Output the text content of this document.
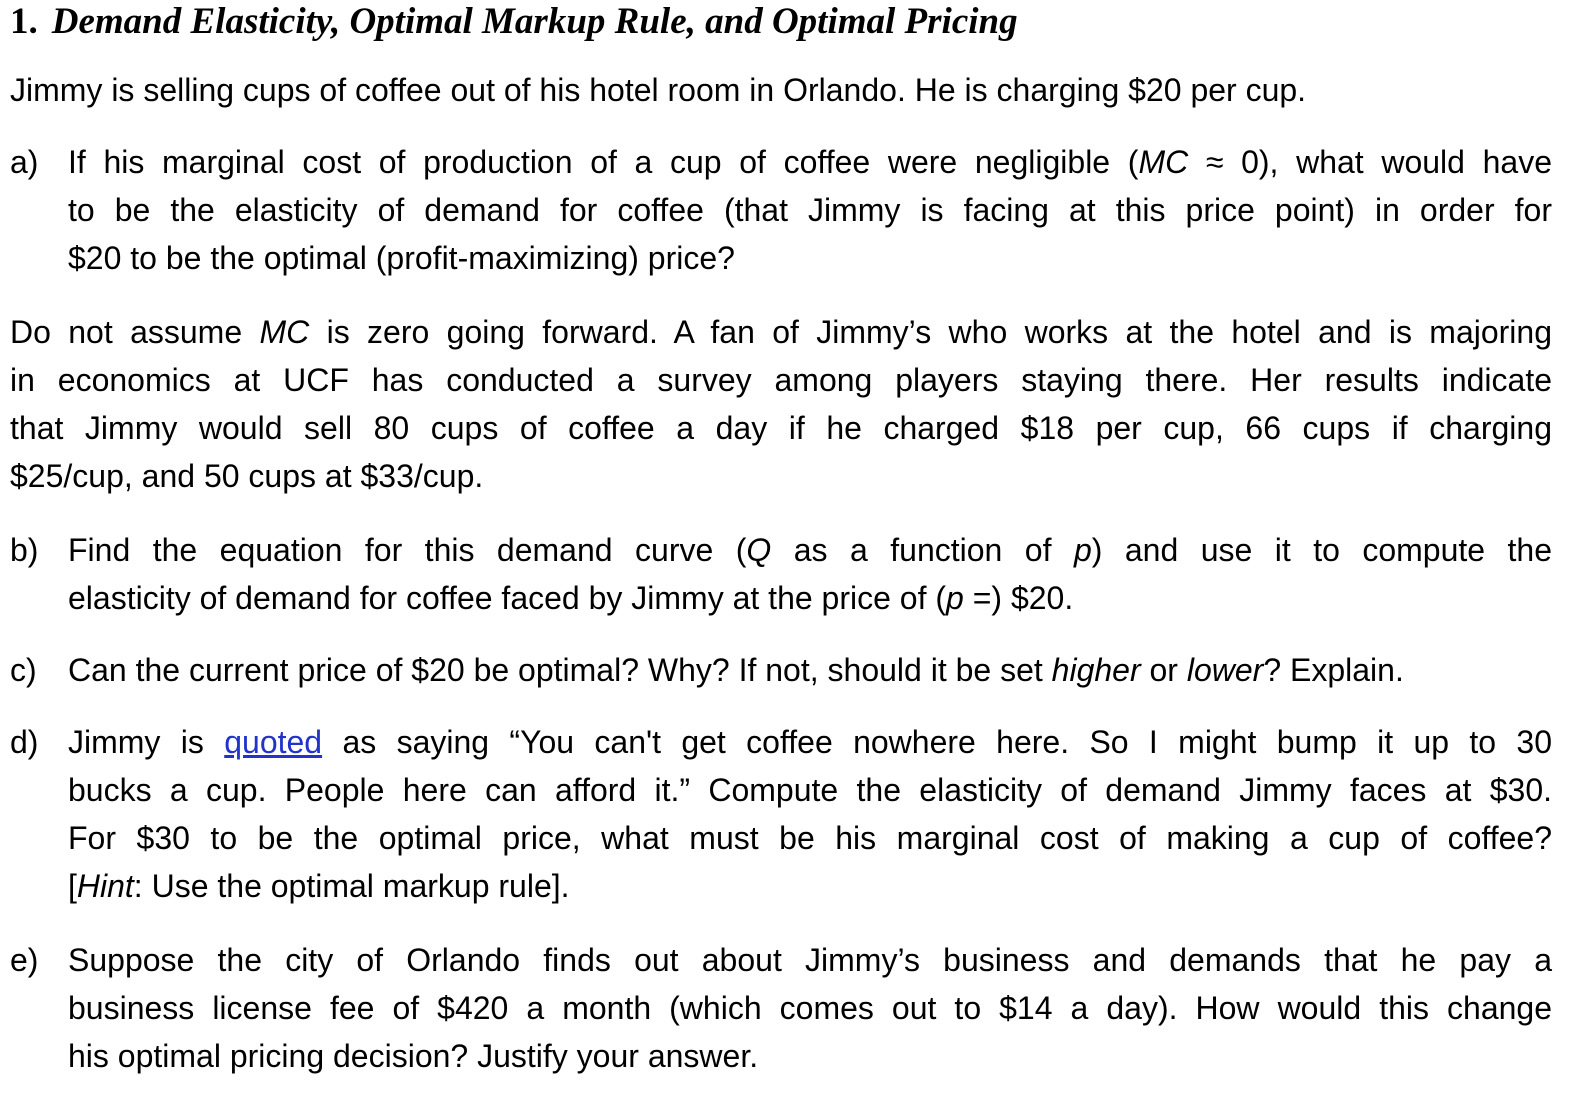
1. Demand Elasticity, Optimal Markup Rule, and Optimal Pricing

Jimmy is selling cups of coffee out of his hotel room in Orlando. He is charging $20 per cup.

a) If his marginal cost of production of a cup of coffee were negligible (MC ≈ 0), what would have
to be the elasticity of demand for coffee (that Jimmy is facing at this price point) in order for
$20 to be the optimal (profit-maximizing) price?

Do not assume MC is zero going forward. A fan of Jimmy’s who works at the hotel and is majoring
in economics at UCF has conducted a survey among players staying there. Her results indicate
that Jimmy would sell 80 cups of coffee a day if he charged $18 per cup, 66 cups if charging
$25/cup, and 50 cups at $33/cup.

b) Find the equation for this demand curve (Q as a function of p) and use it to compute the
elasticity of demand for coffee faced by Jimmy at the price of (p =) $20.
c) Can the current price of $20 be optimal? Why? If not, should it be set higher or lower? Explain.
d) Jimmy is quoted as saying “You can't get coffee nowhere here. So I might bump it up to 30
bucks a cup. People here can afford it.” Compute the elasticity of demand Jimmy faces at $30.
For $30 to be the optimal price, what must be his marginal cost of making a cup of coffee?
[Hint: Use the optimal markup rule].
e) Suppose the city of Orlando finds out about Jimmy’s business and demands that he pay a
business license fee of $420 a month (which comes out to $14 a day). How would this change
his optimal pricing decision? Justify your answer.
